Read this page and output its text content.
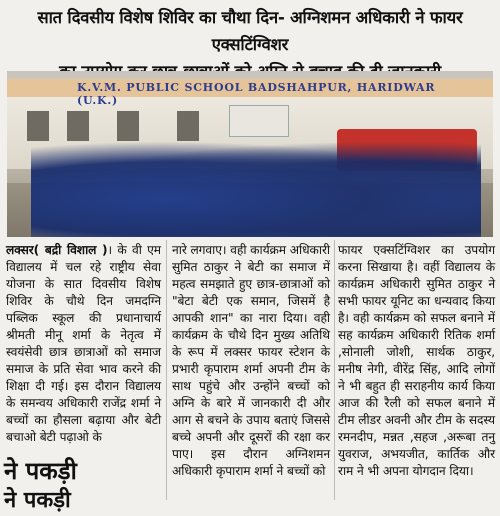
सात दिवसीय विशेष शिविर का चौथा दिन- अग्निशमन अधिकारी ने फायर एक्सटिंग्विशर
K.V.M. PUBLIC SCHOOL BADSHAHPUR, HARIDWAR (U.K.)
लक्सर( बद्री विशाल )। के वी एम विद्यालय में चल रहे राष्ट्रीय सेवा योजना के सात दिवसीय विशेष शिविर के चौथे दिन जमदग्नि पब्लिक स्कूल की प्रधानाचार्य श्रीमती मीनू शर्मा के नेतृत्व में स्वयंसेवी छात्र छात्राओं को समाज समाज के प्रति सेवा भाव करने की शिक्षा दी गई। इस दौरान विद्यालय के समन्वय अधिकारी राजेंद्र शर्मा ने बच्चों का हौसला बढ़ाया और बेटी बचाओ बेटी पढ़ाओ के
नारे लगवाए। वही कार्यक्रम अधिकारी सुमित ठाकुर ने बेटी का समाज में महत्व समझाते हुए छात्र-छात्राओं को "बेटा बेटी एक समान, जिसमें है आपकी शान" का नारा दिया। वही कार्यक्रम के चौथे दिन मुख्य अतिथि के रूप में लक्सर फायर स्टेशन के प्रभारी कृपाराम शर्मा अपनी टीम के साथ पहुंचे और उन्होंने बच्चों को अग्नि के बारे में जानकारी दी और आग से बचने के उपाय बताएं जिससे बच्चे अपनी और दूसरों की रक्षा कर पाए। इस दौरान अग्निशमन अधिकारी कृपाराम शर्मा ने बच्चों को
फायर एक्सटिंग्विशर का उपयोग करना सिखाया है। वहीं विद्यालय के कार्यक्रम अधिकारी सुमित ठाकुर ने सभी फायर यूनिट का धन्यवाद किया है। वही कार्यक्रम को सफल बनाने में सह कार्यक्रम अधिकारी रितिक शर्मा ,सोनाली जोशी, सार्थक ठाकुर, मनीष नेगी, वीरेंद्र सिंह, आदि लोगों ने भी बहुत ही सराहनीय कार्य किया आज की रैली को सफल बनाने में टीम लीडर अवनी और टीम के सदस्य रमनदीप, मन्नत ,सहज ,अरूबा तनु युवराज, अभयजीत, कार्तिक और राम ने भी अपना योगदान दिया।
ने पकड़ी
ने पकड़ी
